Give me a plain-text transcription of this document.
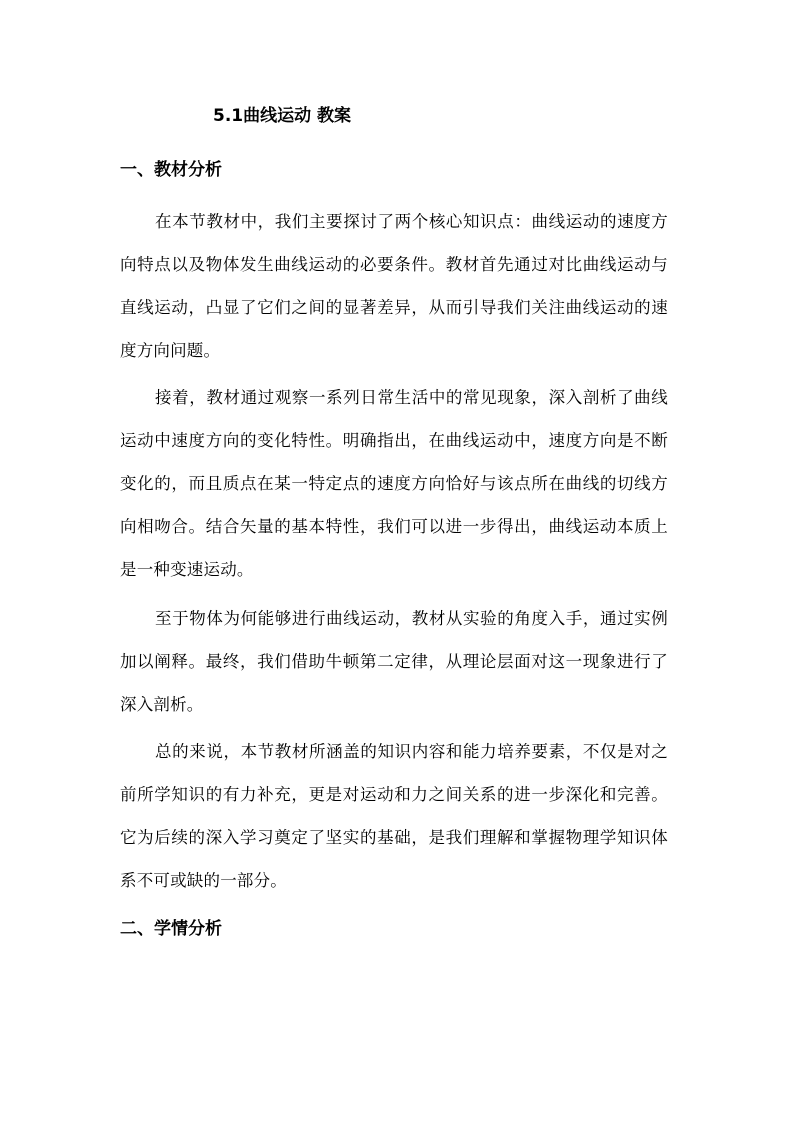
5.1曲线运动 教案
一、教材分析

在本节教材中，我们主要探讨了两个核心知识点：曲线运动的速度方向特点以及物体发生曲线运动的必要条件。教材首先通过对比曲线运动与直线运动，凸显了它们之间的显著差异，从而引导我们关注曲线运动的速度方向问题。

接着，教材通过观察一系列日常生活中的常见现象，深入剖析了曲线运动中速度方向的变化特性。明确指出，在曲线运动中，速度方向是不断变化的，而且质点在某一特定点的速度方向恰好与该点所在曲线的切线方向相吻合。结合矢量的基本特性，我们可以进一步得出，曲线运动本质上是一种变速运动。

至于物体为何能够进行曲线运动，教材从实验的角度入手，通过实例加以阐释。最终，我们借助牛顿第二定律，从理论层面对这一现象进行了深入剖析。

总的来说，本节教材所涵盖的知识内容和能力培养要素，不仅是对之前所学知识的有力补充，更是对运动和力之间关系的进一步深化和完善。它为后续的深入学习奠定了坚实的基础，是我们理解和掌握物理学知识体系不可或缺的一部分。

二、学情分析
